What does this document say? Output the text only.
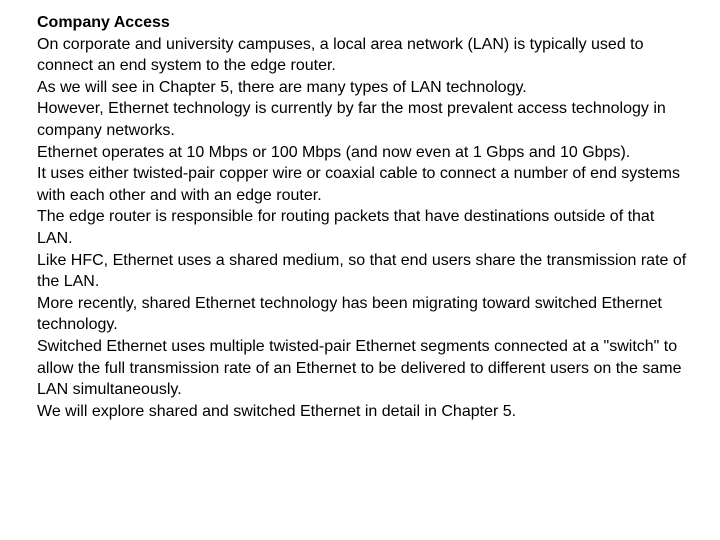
Company Access

On corporate and university campuses, a local area network (LAN) is typically used to connect an end system to the edge router.

As we will see in Chapter 5, there are many types of LAN technology.

However, Ethernet technology is currently by far the most prevalent access technology in company networks.

Ethernet operates at 10 Mbps or 100 Mbps (and now even at 1 Gbps and 10 Gbps).

It uses either twisted-pair copper wire or coaxial cable to connect a number of end systems with each other and with an edge router.

The edge router is responsible for routing packets that have destinations outside of that LAN.

Like HFC, Ethernet uses a shared medium, so that end users share the transmission rate of the LAN.

More recently, shared Ethernet technology has been migrating toward switched Ethernet technology.

Switched Ethernet uses multiple twisted-pair Ethernet segments connected at a "switch" to allow the full transmission rate of an Ethernet to be delivered to different users on the same LAN simultaneously.

We will explore shared and switched Ethernet in detail in Chapter 5.
